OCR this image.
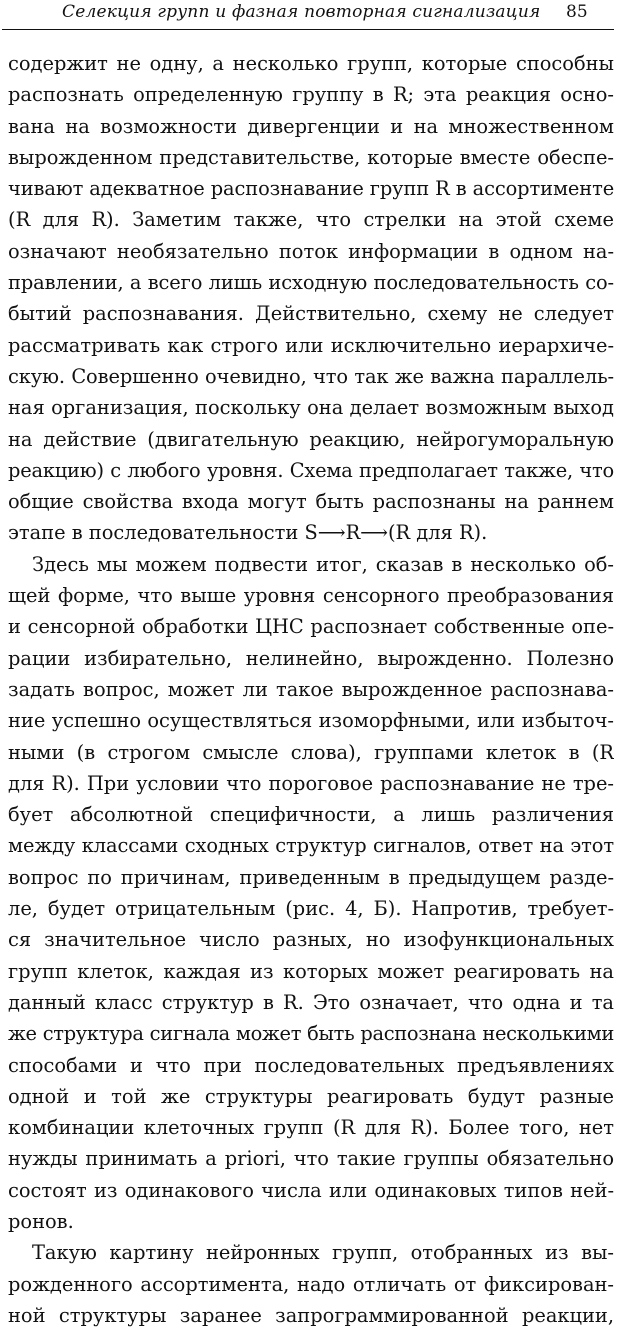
Селекция групп и фазная повторная сигнализация 85
содержит не одну, а несколько групп, которые способны
распознать определенную группу в R; эта реакция осно-
вана на возможности дивергенции и на множественном
вырожденном представительстве, которые вместе обеспе-
чивают адекватное распознавание групп R в ассортименте
(R для R). Заметим также, что стрелки на этой схеме
означают необязательно поток информации в одном на-
правлении, а всего лишь исходную последовательность со-
бытий распознавания. Действительно, схему не следует
рассматривать как строго или исключительно иерархиче-
скую. Совершенно очевидно, что так же важна параллель-
ная организация, поскольку она делает возможным выход
на действие (двигательную реакцию, нейрогуморальную
реакцию) с любого уровня. Схема предполагает также, что
общие свойства входа могут быть распознаны на раннем
этапе в последовательности S⟶R⟶(R для R).
Здесь мы можем подвести итог, сказав в несколько об-
щей форме, что выше уровня сенсорного преобразования
и сенсорной обработки ЦНС распознает собственные опе-
рации избирательно, нелинейно, вырожденно. Полезно
задать вопрос, может ли такое вырожденное распознава-
ние успешно осуществляться изоморфными, или избыточ-
ными (в строгом смысле слова), группами клеток в (R
для R). При условии что пороговое распознавание не тре-
бует абсолютной специфичности, а лишь различения
между классами сходных структур сигналов, ответ на этот
вопрос по причинам, приведенным в предыдущем разде-
ле, будет отрицательным (рис. 4, Б). Напротив, требует-
ся значительное число разных, но изофункциональных
групп клеток, каждая из которых может реагировать на
данный класс структур в R. Это означает, что одна и та
же структура сигнала может быть распознана несколькими
способами и что при последовательных предъявлениях
одной и той же структуры реагировать будут разные
комбинации клеточных групп (R для R). Более того, нет
нужды принимать a priori, что такие группы обязательно
состоят из одинакового числа или одинаковых типов ней-
ронов.
Такую картину нейронных групп, отобранных из вы-
рожденного ассортимента, надо отличать от фиксирован-
ной структуры заранее запрограммированной реакции,
